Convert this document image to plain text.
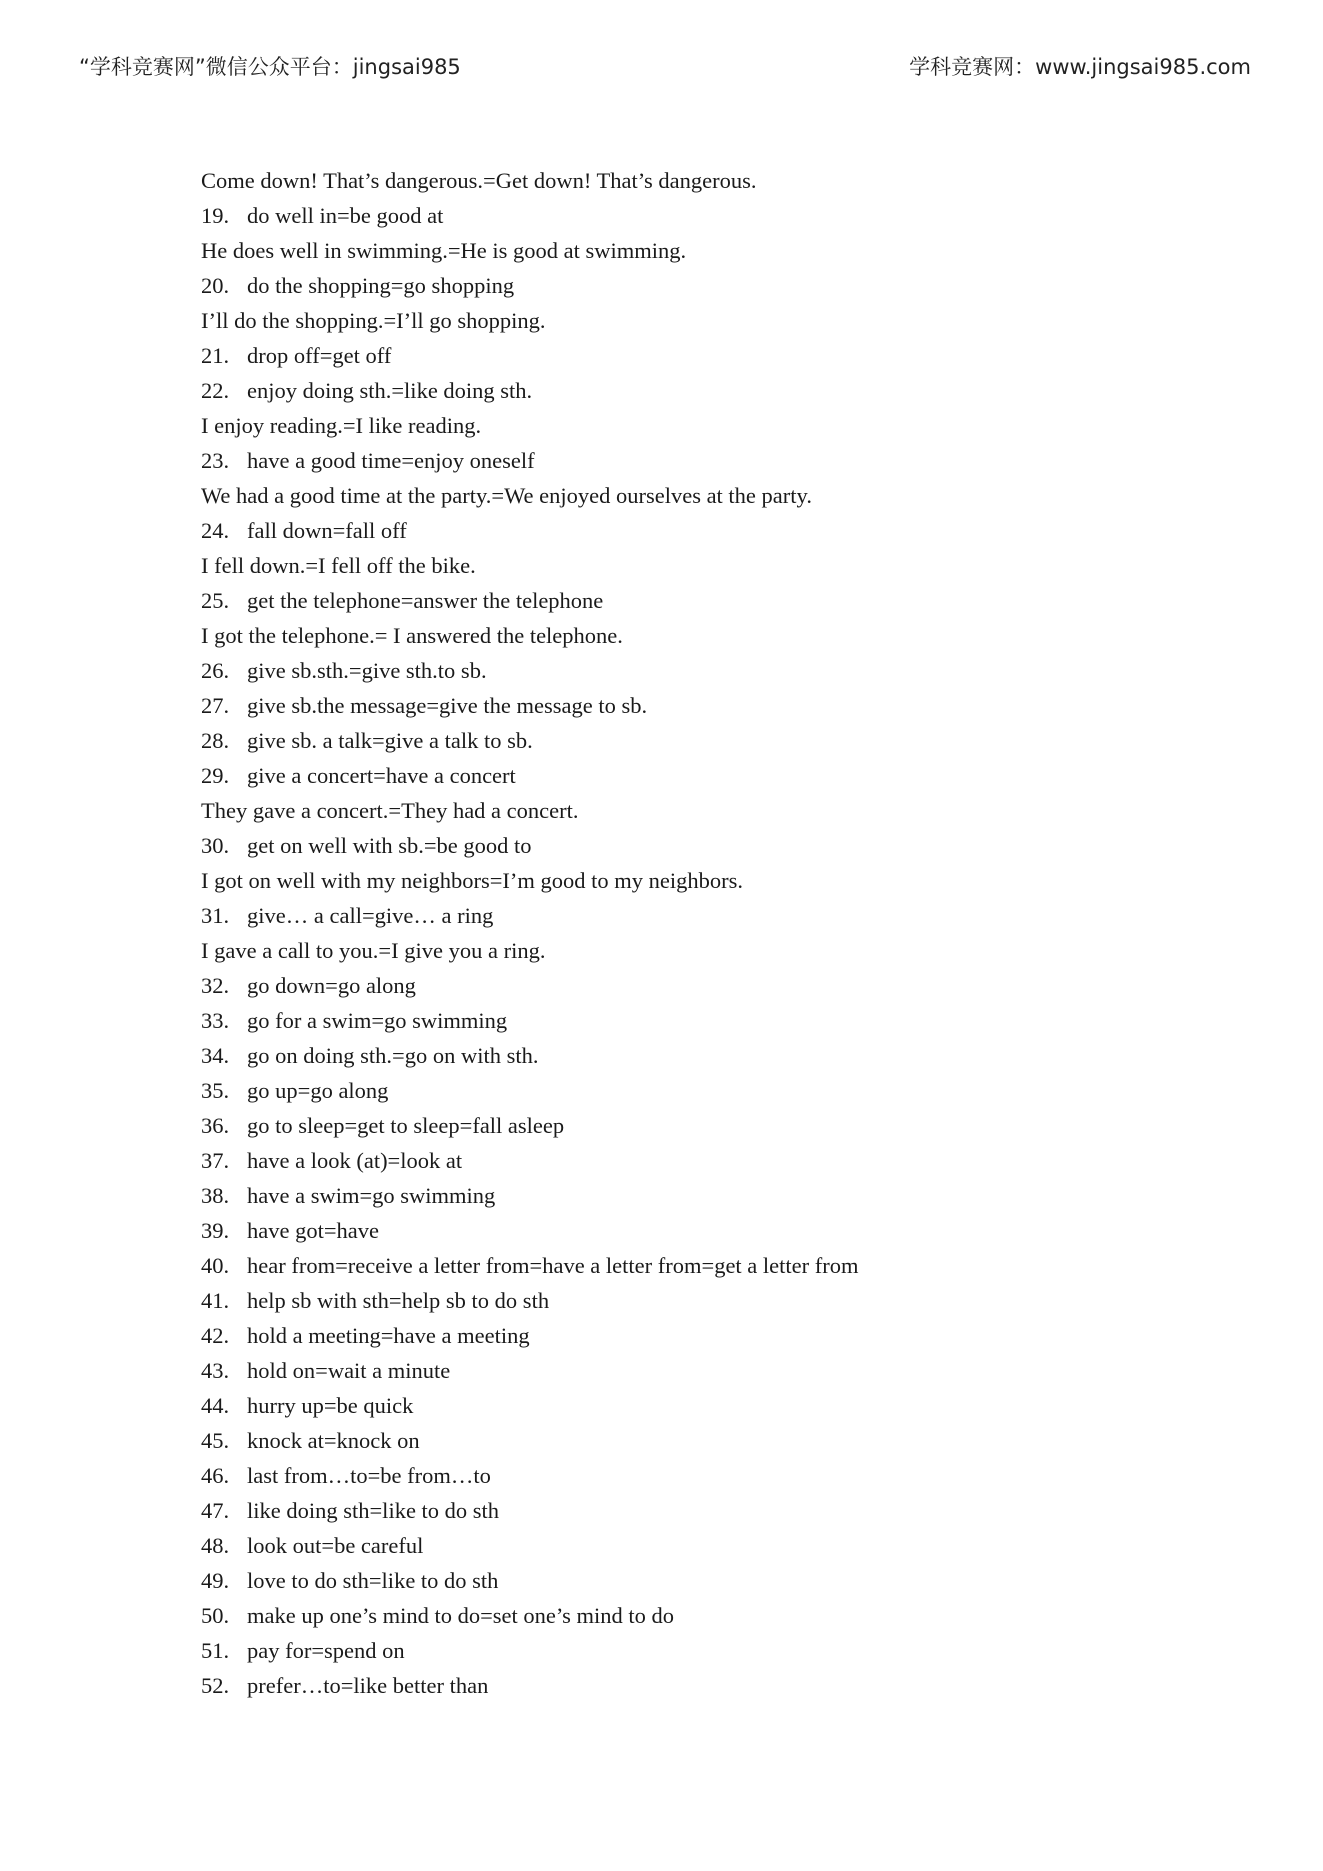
“学科竞赛网”微信公众平台：jingsai985	学科竞赛网：www.jingsai985.com
Come down! That’s dangerous.=Get down! That’s dangerous.
19. do well in=be good at
He does well in swimming.=He is good at swimming.
20. do the shopping=go shopping
I’ll do the shopping.=I’ll go shopping.
21. drop off=get off
22. enjoy doing sth.=like doing sth.
I enjoy reading.=I like reading.
23. have a good time=enjoy oneself
We had a good time at the party.=We enjoyed ourselves at the party.
24. fall down=fall off
I fell down.=I fell off the bike.
25. get the telephone=answer the telephone
I got the telephone.= I answered the telephone.
26. give sb.sth.=give sth.to sb.
27. give sb.the message=give the message to sb.
28. give sb. a talk=give a talk to sb.
29. give a concert=have a concert
They gave a concert.=They had a concert.
30. get on well with sb.=be good to
I got on well with my neighbors=I’m good to my neighbors.
31. give… a call=give… a ring
I gave a call to you.=I give you a ring.
32. go down=go along
33. go for a swim=go swimming
34. go on doing sth.=go on with sth.
35. go up=go along
36. go to sleep=get to sleep=fall asleep
37. have a look (at)=look at
38. have a swim=go swimming
39. have got=have
40. hear from=receive a letter from=have a letter from=get a letter from
41. help sb with sth=help sb to do sth
42. hold a meeting=have a meeting
43. hold on=wait a minute
44. hurry up=be quick
45. knock at=knock on
46. last from…to=be from…to
47. like doing sth=like to do sth
48. look out=be careful
49. love to do sth=like to do sth
50. make up one’s mind to do=set one’s mind to do
51. pay for=spend on
52. prefer…to=like better than
